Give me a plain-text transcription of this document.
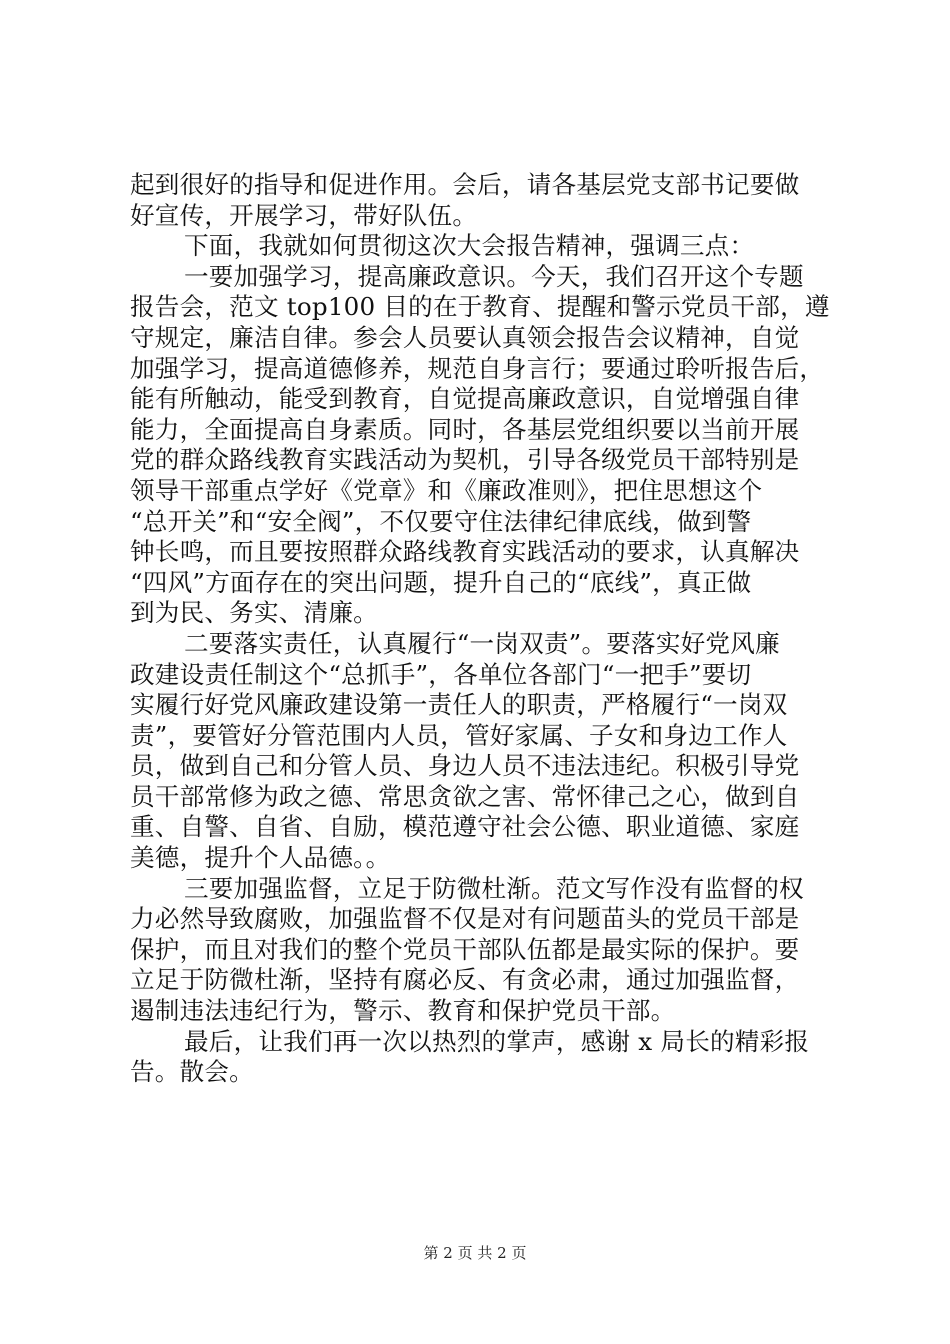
起到很好的指导和促进作用。会后，请各基层党支部书记要做
好宣传，开展学习，带好队伍。
下面，我就如何贯彻这次大会报告精神，强调三点：
一要加强学习，提高廉政意识。今天，我们召开这个专题
报告会，范文 top100 目的在于教育、提醒和警示党员干部，遵
守规定，廉洁自律。参会人员要认真领会报告会议精神，自觉
加强学习，提高道德修养，规范自身言行；要通过聆听报告后，
能有所触动，能受到教育，自觉提高廉政意识，自觉增强自律
能力，全面提高自身素质。同时，各基层党组织要以当前开展
党的群众路线教育实践活动为契机，引导各级党员干部特别是
领导干部重点学好《党章》和《廉政准则》，把住思想这个
“总开关”和“安全阀”，不仅要守住法律纪律底线，做到警
钟长鸣，而且要按照群众路线教育实践活动的要求，认真解决
“四风”方面存在的突出问题，提升自己的“底线”，真正做
到为民、务实、清廉。
二要落实责任，认真履行“一岗双责”。要落实好党风廉
政建设责任制这个“总抓手”，各单位各部门“一把手”要切
实履行好党风廉政建设第一责任人的职责，严格履行“一岗双
责”，要管好分管范围内人员，管好家属、子女和身边工作人
员，做到自己和分管人员、身边人员不违法违纪。积极引导党
员干部常修为政之德、常思贪欲之害、常怀律己之心，做到自
重、自警、自省、自励，模范遵守社会公德、职业道德、家庭
美德，提升个人品德。。
三要加强监督，立足于防微杜渐。范文写作没有监督的权
力必然导致腐败，加强监督不仅是对有问题苗头的党员干部是
保护，而且对我们的整个党员干部队伍都是最实际的保护。要
立足于防微杜渐，坚持有腐必反、有贪必肃，通过加强监督，
遏制违法违纪行为，警示、教育和保护党员干部。
最后，让我们再一次以热烈的掌声，感谢 x 局长的精彩报
告。散会。
第 2 页 共 2 页
